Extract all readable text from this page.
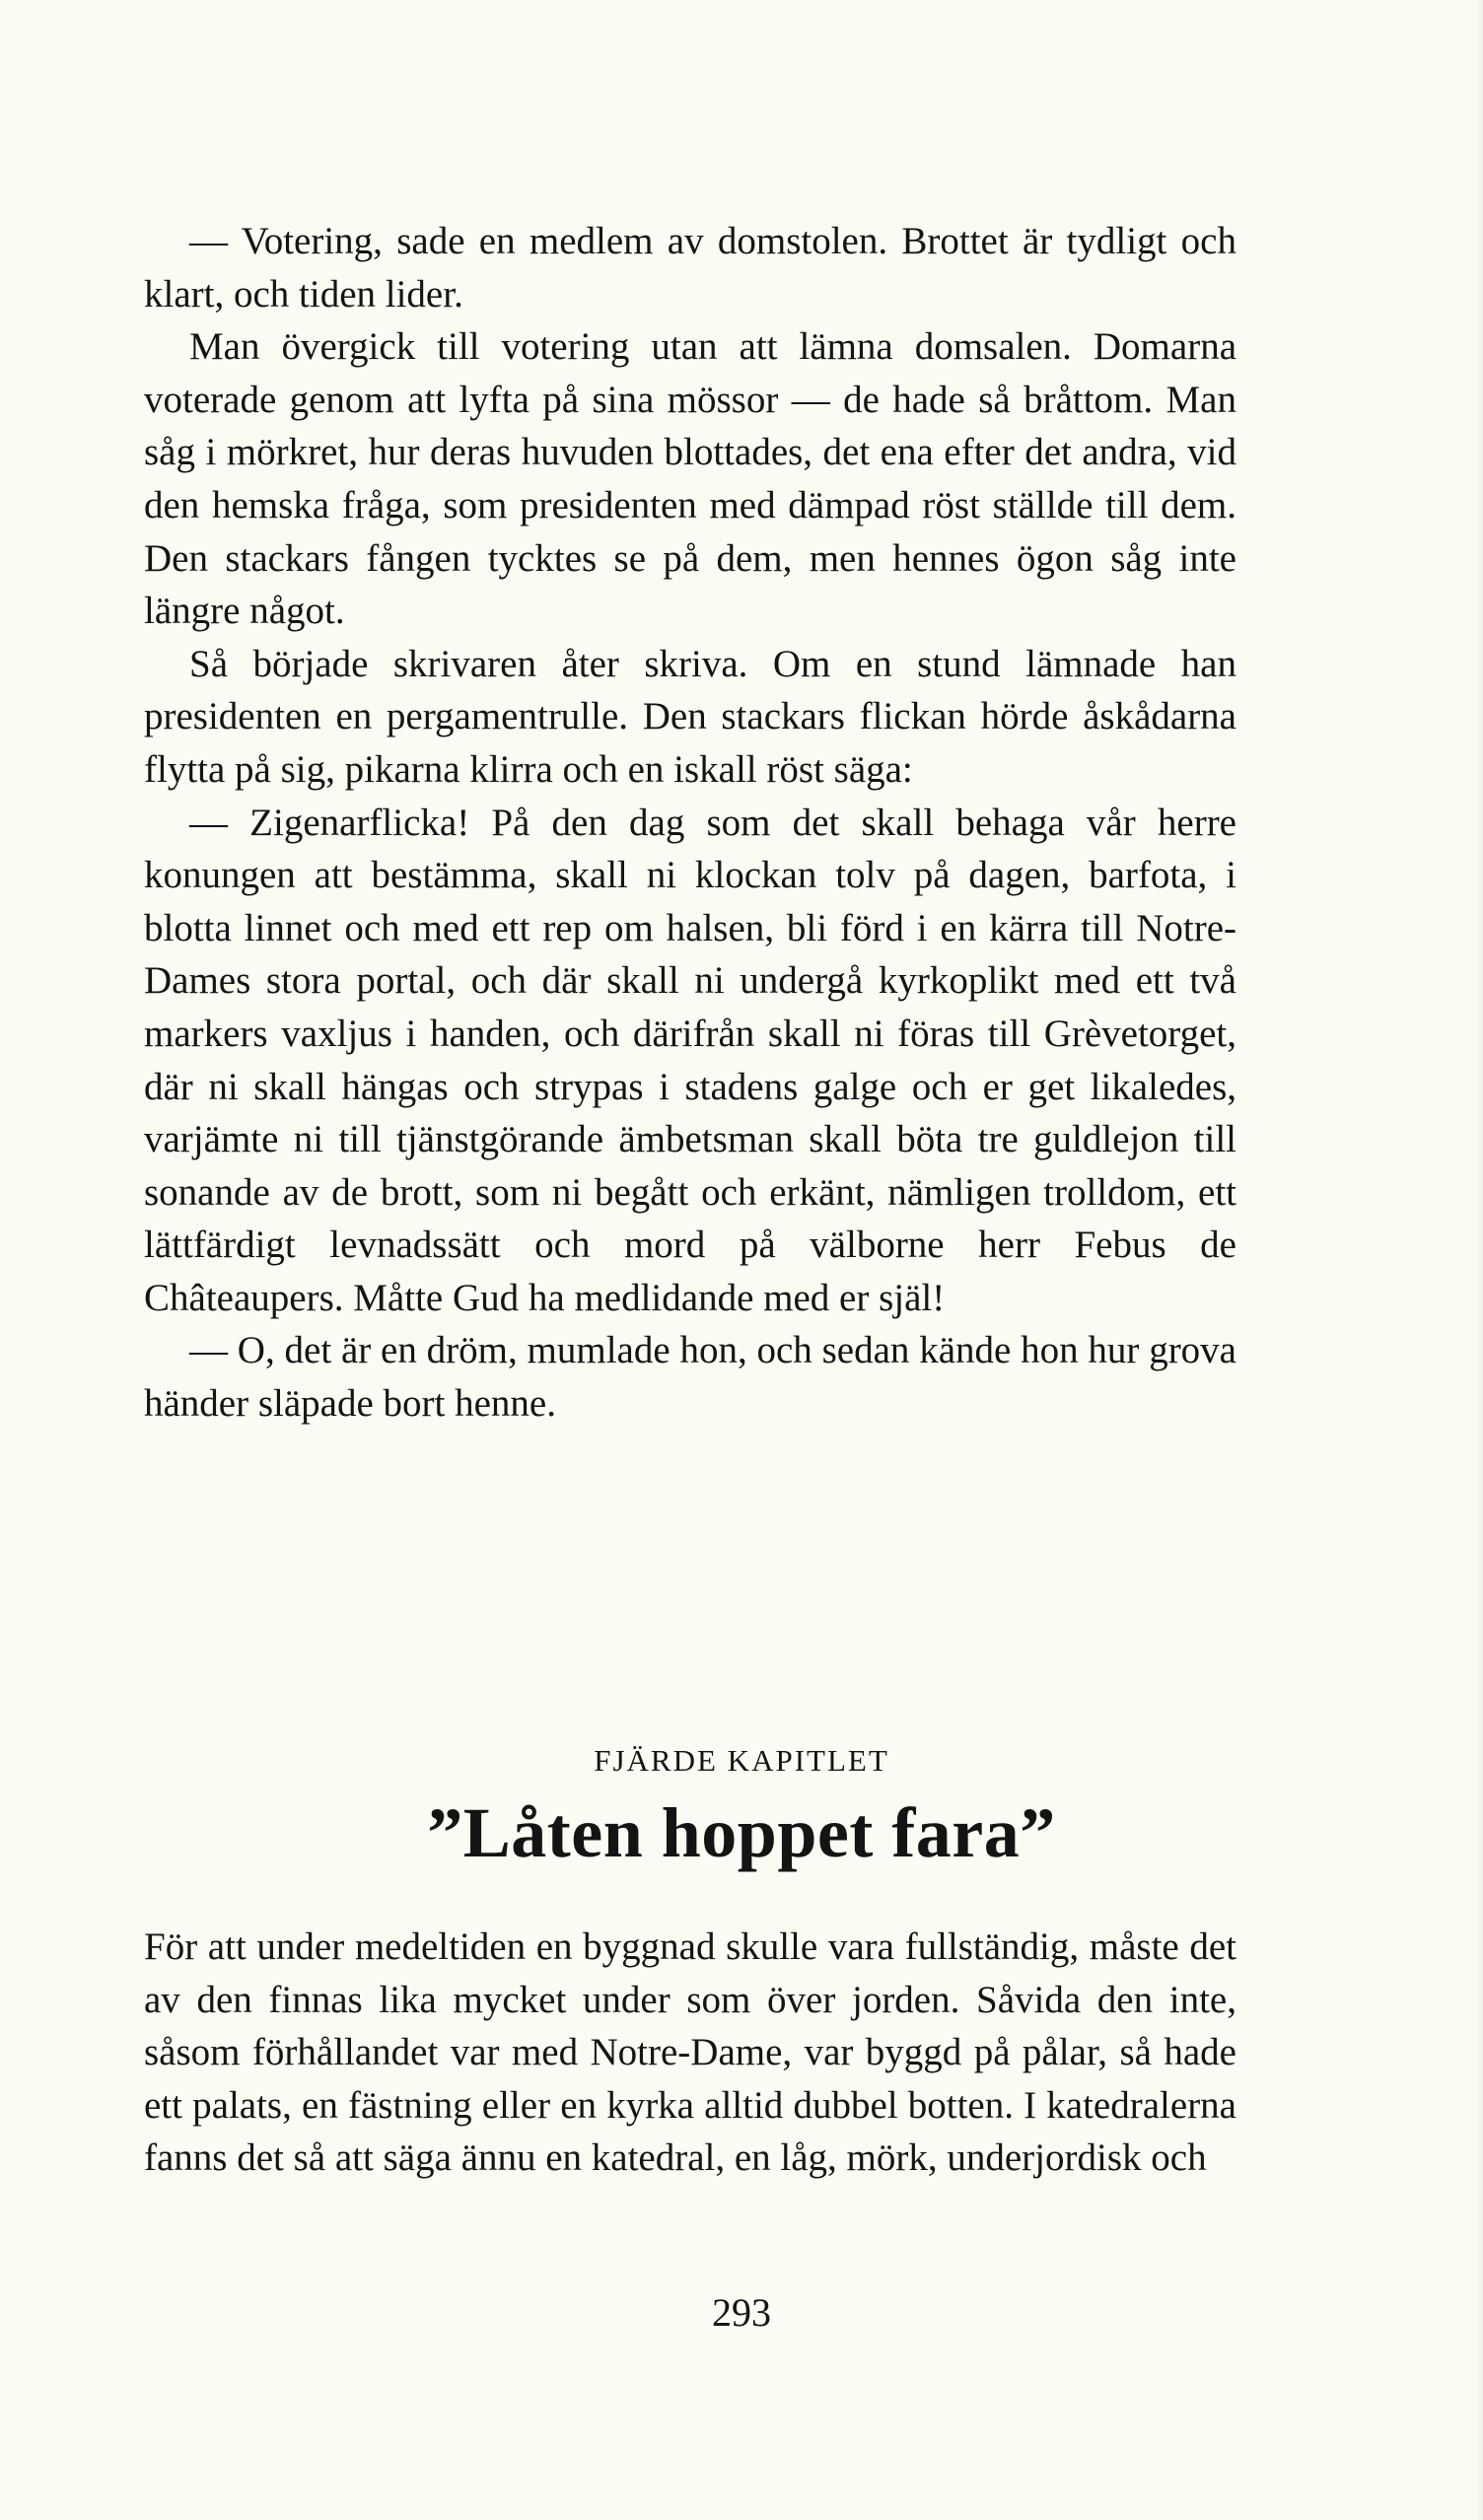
— Votering, sade en medlem av domstolen. Brottet är tydligt och klart, och tiden lider.

Man övergick till votering utan att lämna domsalen. Domarna voterade genom att lyfta på sina mössor — de hade så bråttom. Man såg i mörkret, hur deras huvuden blottades, det ena efter det andra, vid den hemska fråga, som presidenten med dämpad röst ställde till dem. Den stackars fången tycktes se på dem, men hennes ögon såg inte längre något.

Så började skrivaren åter skriva. Om en stund lämnade han presidenten en pergamentrulle. Den stackars flickan hörde åskådarna flytta på sig, pikarna klirra och en iskall röst säga:

— Zigenarflicka! På den dag som det skall behaga vår herre konungen att bestämma, skall ni klockan tolv på dagen, barfota, i blotta linnet och med ett rep om halsen, bli förd i en kärra till Notre-Dames stora portal, och där skall ni undergå kyrkoplikt med ett två markers vaxljus i handen, och därifrån skall ni föras till Grèvetorget, där ni skall hängas och strypas i stadens galge och er get likaledes, varjämte ni till tjänstgörande ämbetsman skall böta tre guldlejon till sonande av de brott, som ni begått och erkänt, nämligen trolldom, ett lättfärdigt levnadssätt och mord på välborne herr Febus de Châteaupers. Måtte Gud ha medlidande med er själ!

— O, det är en dröm, mumlade hon, och sedan kände hon hur grova händer släpade bort henne.

FJÄRDE KAPITLET
”Låten hoppet fara”

För att under medeltiden en byggnad skulle vara fullständig, måste det av den finnas lika mycket under som över jorden. Såvida den inte, såsom förhållandet var med Notre-Dame, var byggd på pålar, så hade ett palats, en fästning eller en kyrka alltid dubbel botten. I katedralerna fanns det så att säga ännu en katedral, en låg, mörk, underjordisk och

293
